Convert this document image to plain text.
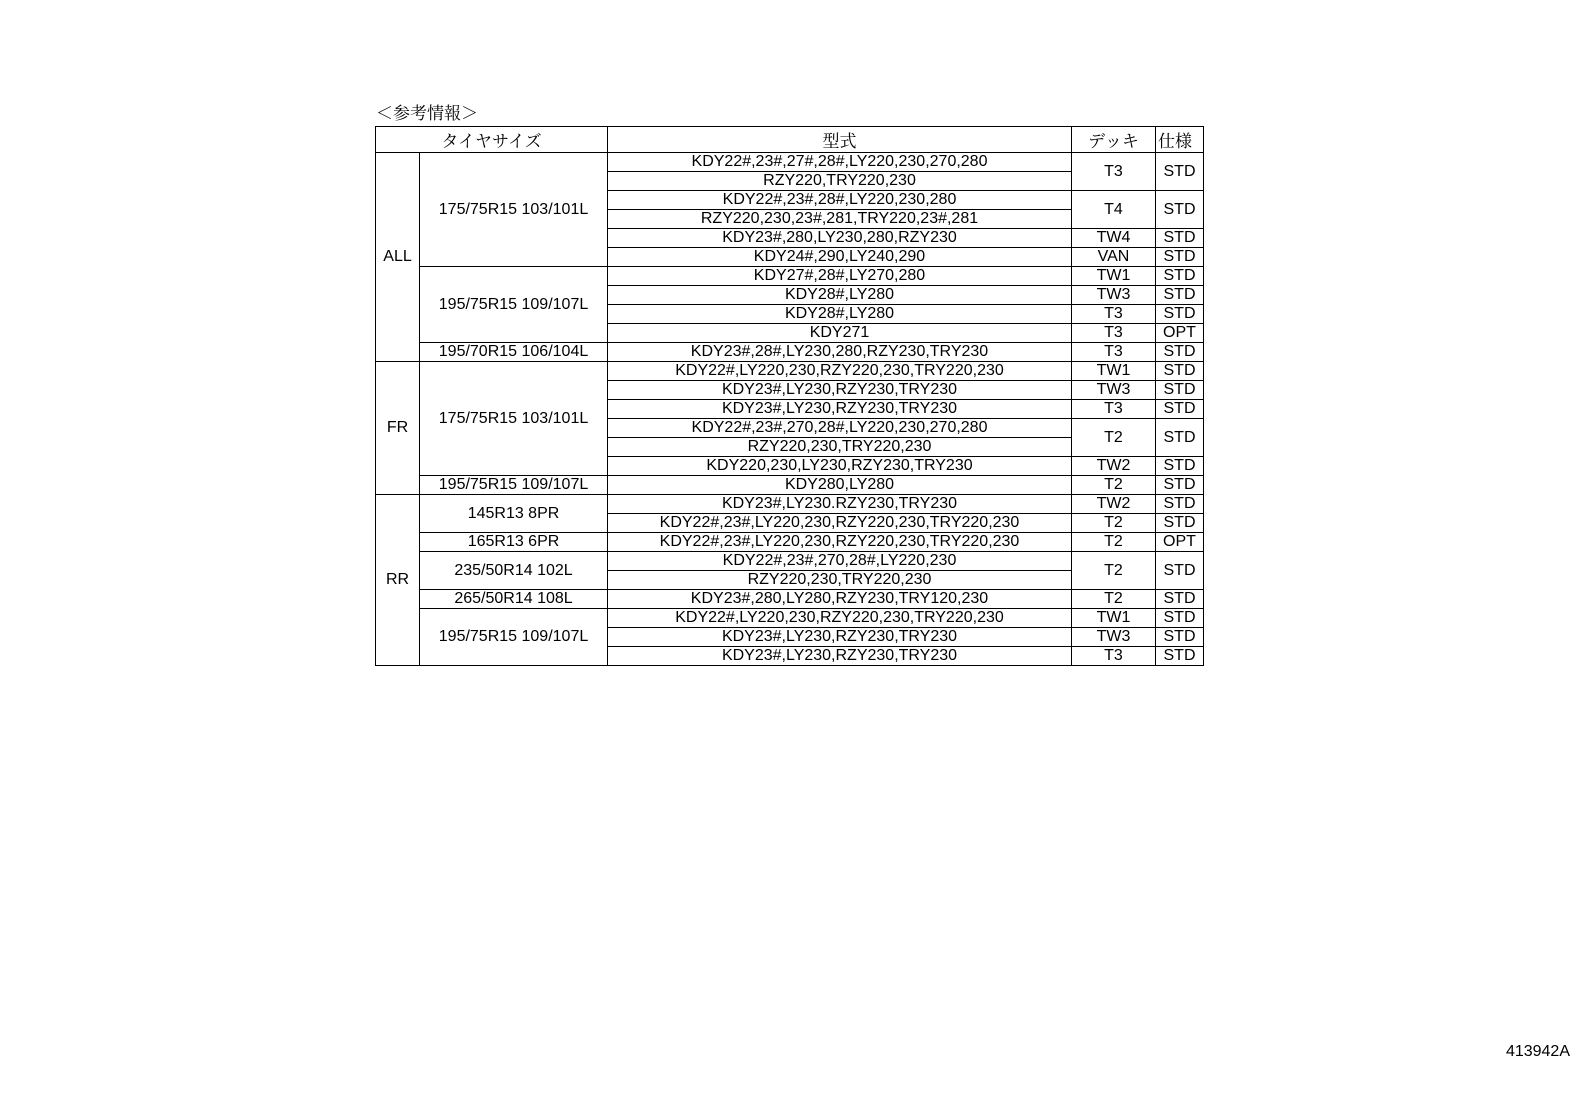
＜参考情報＞
タイヤサイズ		型式	デッキ	仕様
ALL	175/75R15 103/101L	KDY22#,23#,27#,28#,LY220,230,270,280	T3	STD
		RZY220,TRY220,230		
		KDY22#,23#,28#,LY220,230,280	T4	STD
		RZY220,230,23#,281,TRY220,23#,281		
		KDY23#,280,LY230,280,RZY230	TW4	STD
		KDY24#,290,LY240,290	VAN	STD
	195/75R15 109/107L	KDY27#,28#,LY270,280	TW1	STD
		KDY28#,LY280	TW3	STD
		KDY28#,LY280	T3	STD
		KDY271	T3	OPT
	195/70R15 106/104L	KDY23#,28#,LY230,280,RZY230,TRY230	T3	STD
FR	175/75R15 103/101L	KDY22#,LY220,230,RZY220,230,TRY220,230	TW1	STD
		KDY23#,LY230,RZY230,TRY230	TW3	STD
		KDY23#,LY230,RZY230,TRY230	T3	STD
		KDY22#,23#,270,28#,LY220,230,270,280	T2	STD
		RZY220,230,TRY220,230		
		KDY220,230,LY230,RZY230,TRY230	TW2	STD
	195/75R15 109/107L	KDY280,LY280	T2	STD
RR	145R13 8PR	KDY23#,LY230.RZY230,TRY230	TW2	STD
		KDY22#,23#,LY220,230,RZY220,230,TRY220,230	T2	STD
	165R13 6PR	KDY22#,23#,LY220,230,RZY220,230,TRY220,230	T2	OPT
	235/50R14 102L	KDY22#,23#,270,28#,LY220,230	T2	STD
		RZY220,230,TRY220,230		
	265/50R14 108L	KDY23#,280,LY280,RZY230,TRY120,230	T2	STD
	195/75R15 109/107L	KDY22#,LY220,230,RZY220,230,TRY220,230	TW1	STD
		KDY23#,LY230,RZY230,TRY230	TW3	STD
		KDY23#,LY230,RZY230,TRY230	T3	STD
413942A
